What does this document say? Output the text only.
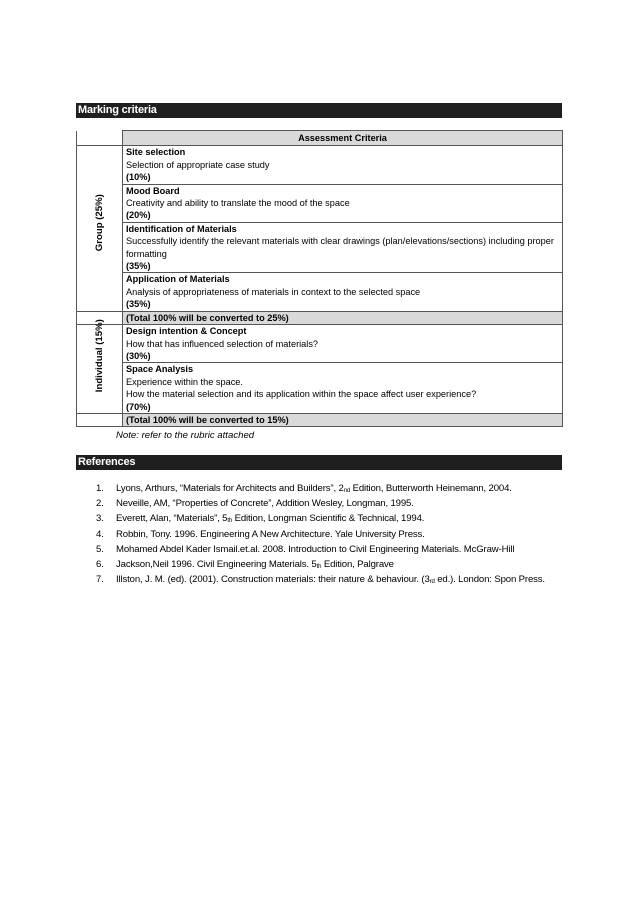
Marking criteria
	Assessment Criteria

Group (25%)	Site selection
Selection of appropriate case study
(10%)

	Mood Board
Creativity and ability to translate the mood of the space
(20%)

	Identification of Materials
Successfully identify the relevant materials with clear drawings (plan/elevations/sections) including proper formatting
(35%)

	Application of Materials
Analysis of appropriateness of materials in context to the selected space
(35%)

	(Total 100% will be converted to 25%)

Individual (15%)	Design intention & Concept
How that has influenced selection of materials?
(30%)

	Space Analysis
Experience within the space.
How the material selection and its application within the space affect user experience?
(70%)

	(Total 100% will be converted to 15%)
Note: refer to the rubric attached
References
1. Lyons, Arthurs, “Materials for Architects and Builders”, $2_{nd}$ Edition, Butterworth Heinemann, 2004.
2. Neveille, AM, “Properties of Concrete”, Addition Wesley, Longman, 1995.
3. Everett, Alan, “Materials”, $5_{th}$ Edition, Longman Scientific & Technical, 1994.
4. Robbin, Tony. 1996. Engineering A New Architecture. Yale University Press.
5. Mohamed Abdel Kader Ismail.et.al. 2008. Introduction to Civil Engineering Materials. McGraw-Hill
6. Jackson,Neil 1996. Civil Engineering Materials. $5_{th}$ Edition, Palgrave
7. Illston, J. M. (ed). (2001). Construction materials: their nature & behaviour. ($3_{rd}$ ed.). London: Spon Press.
